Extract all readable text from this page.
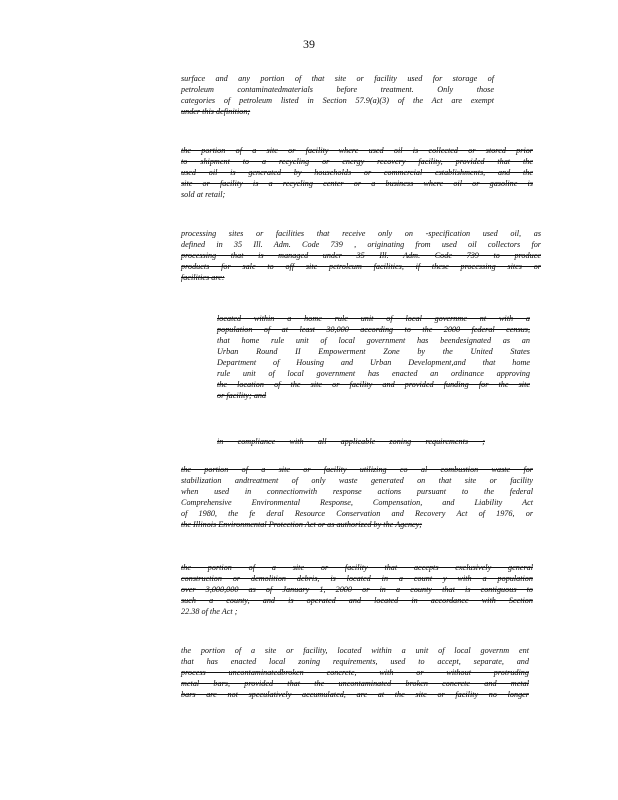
39
surface and any portion of that site or facility used for storage of
petroleum contaminatedmaterials before treatment. Only those
categories of petroleum listed in Section 57.9(a)(3) of the Act are exempt
under this definition;
the portion of a site or facility where used oil is collected or stored prior
to shipment to a recycling or energy recovery facility, provided that the
used oil is generated by households or commercial establishments, and the
site or facility is a recycling center or a business where oil or gasoline is
sold at retail;
processing sites or facilities that receive only on -specification used oil, as
defined in 35 Ill. Adm. Code 739 , originating from used oil collectors for
processing that is managed under 35 Ill. Adm. Code 739 to produce
products for sale to off site petroleum facilities, if these processing sites or
facilities are:
located within a home rule unit of local governme nt with a
population of at least 30,000 according to the 2000 federal census,
that home rule unit of local government has beendesignated as an
Urban Round II Empowerment Zone by the United States
Department of Housing and Urban Development,and that home
rule unit of local government has enacted an ordinance approving
the location of the site or facility and provided funding for the site
or facility; and
in compliance with all applicable zoning requirements ;
the portion of a site or facility utilizing co al combustion waste for
stabilization andtreatment of only waste generated on that site or facility
when used in connectionwith response actions pursuant to the federal
Comprehensive Environmental Response, Compensation, and Liability Act
of 1980, the fe deral Resource Conservation and Recovery Act of 1976, or
the Illinois Environmental Protection Act or as authorized by the Agency;
the portion of a site or facility that accepts exclusively general
construction or demolition debris, is located in a count y with a population
over 3,000,000 as of January 1, 2000 or in a county that is contiguous to
such a county, and is operated and located in accordance with Section
22.38 of the Act ;
the portion of a site or facility, located within a unit of local governm ent
that has enacted local zoning requirements, used to accept, separate, and
process uncontaminatedbroken concrete, with or without protruding
metal bars, provided that the uncontaminated broken concrete and metal
bars are not speculatively accumulated, are at the site or facility no longer
